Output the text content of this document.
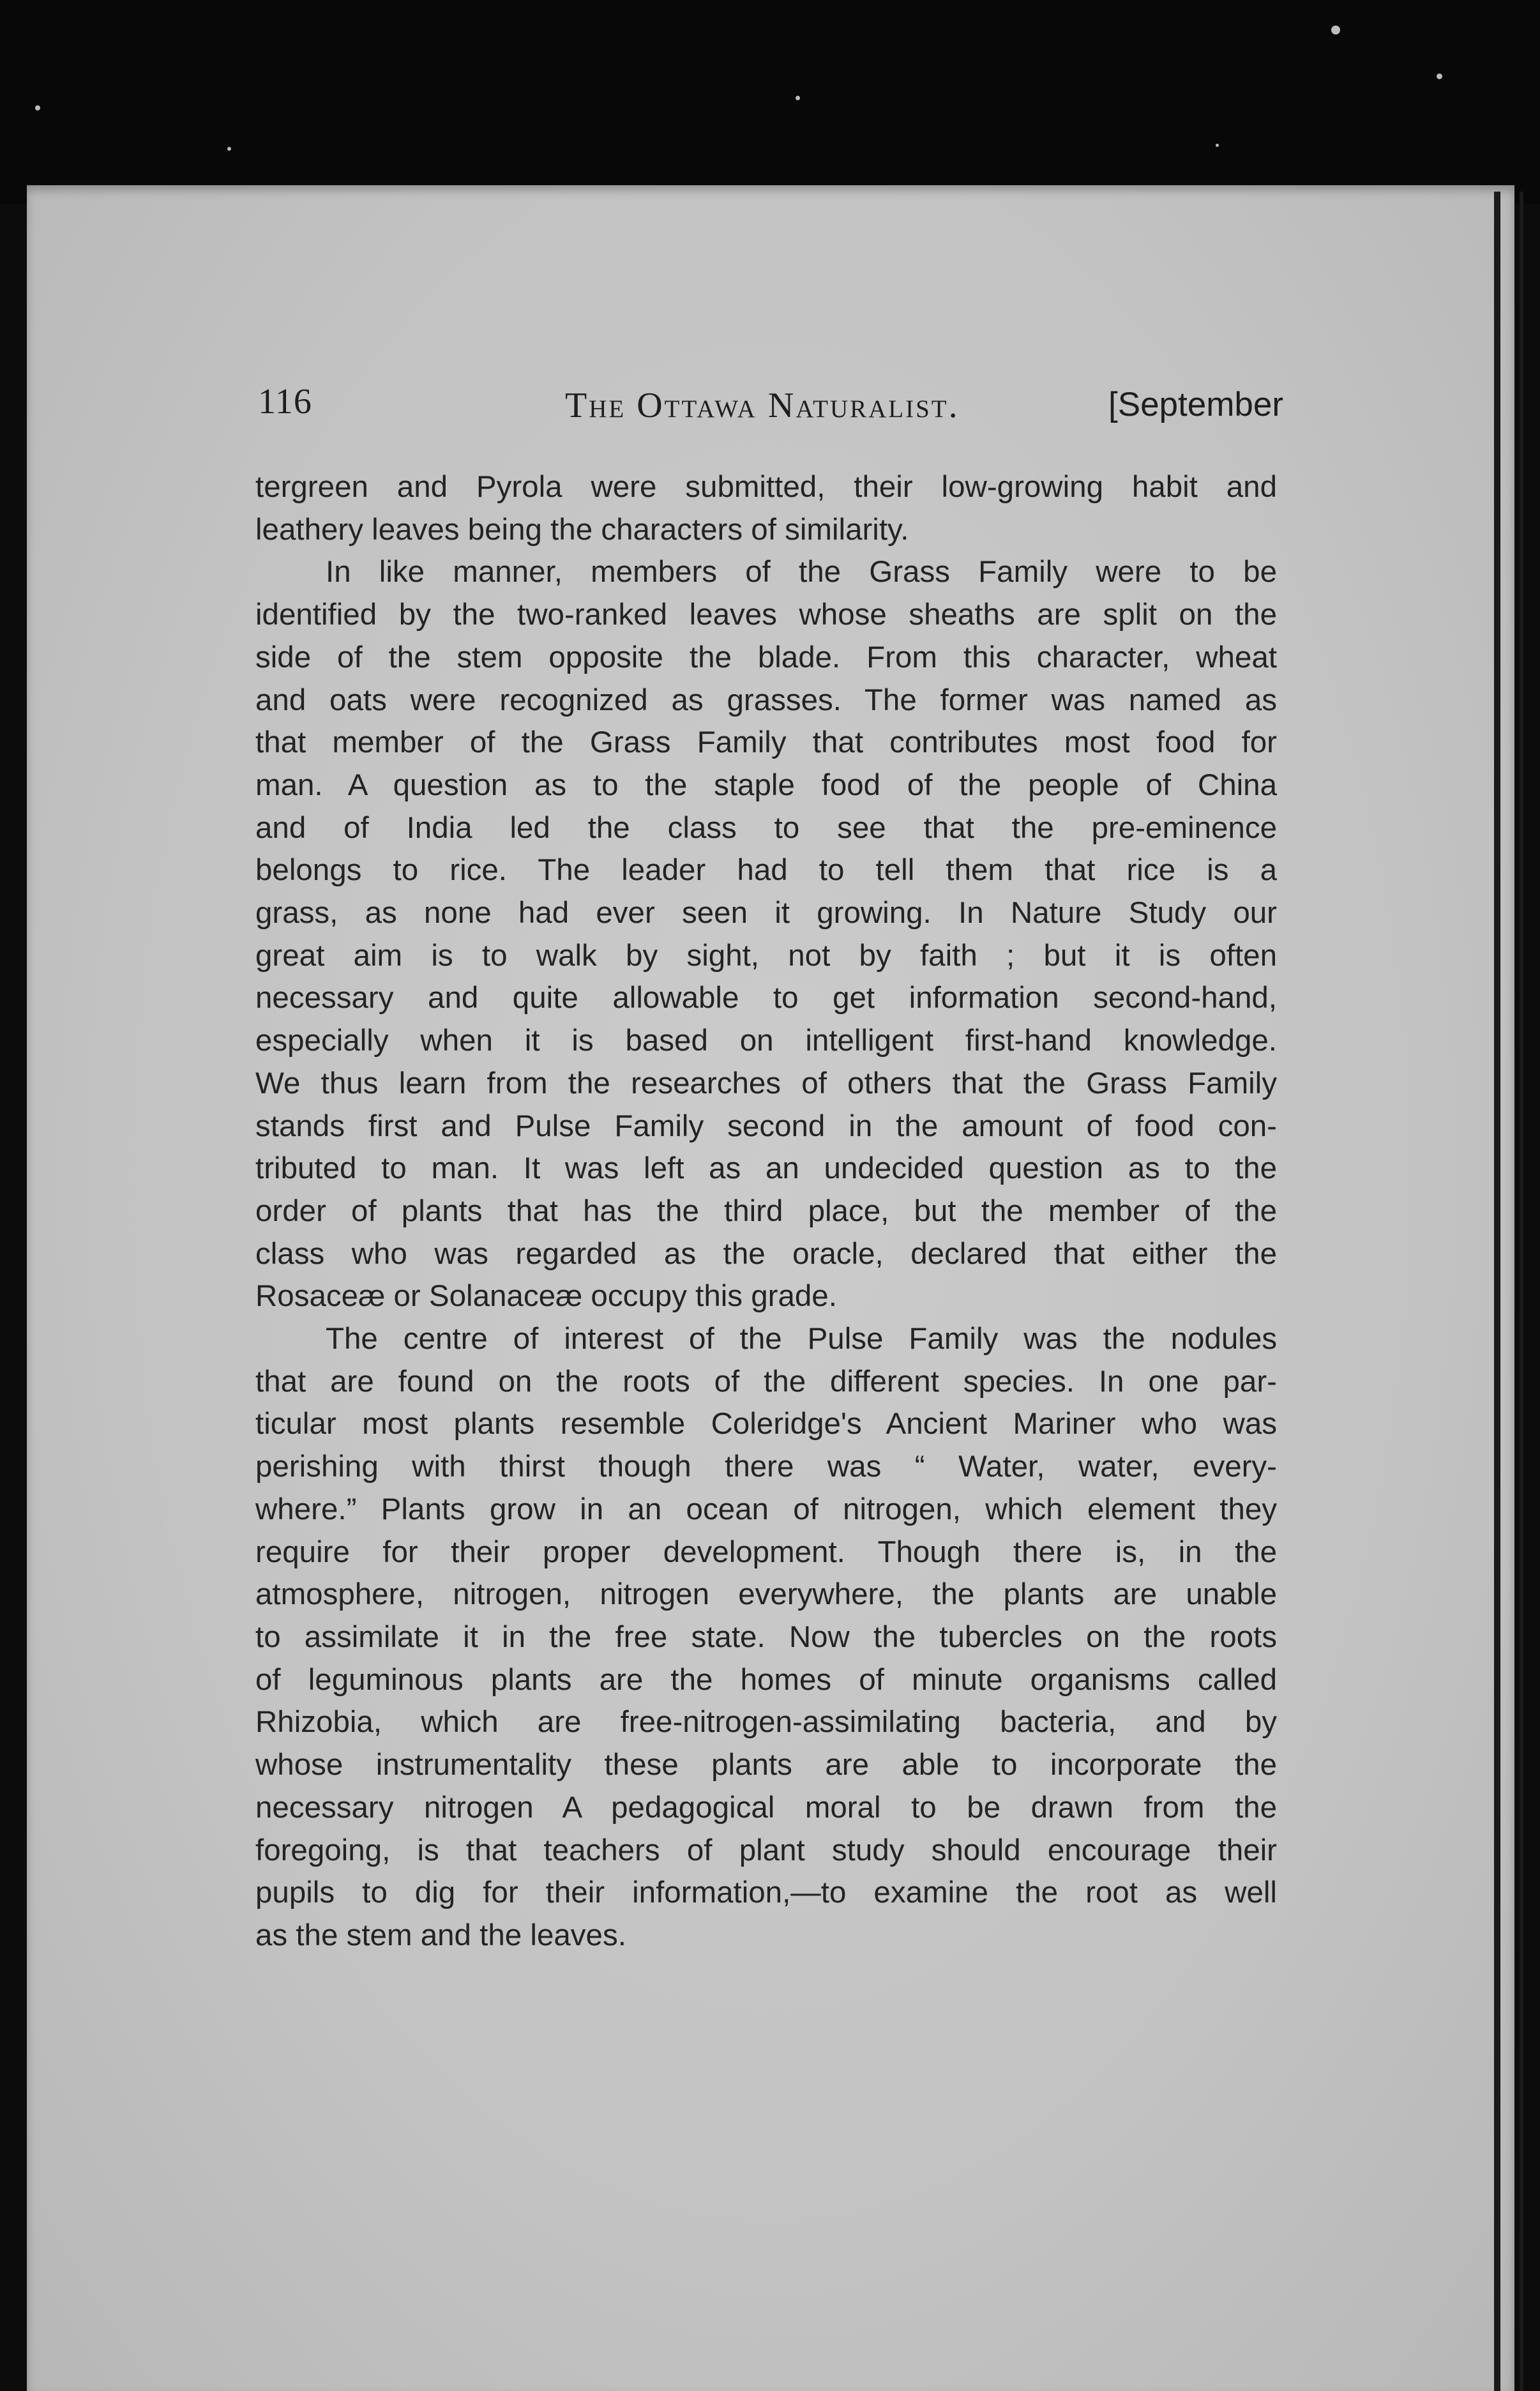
116	The Ottawa Naturalist.	[September
tergreen and Pyrola were submitted, their low-growing habit and
leathery leaves being the characters of similarity.
In like manner, members of the Grass Family were to be
identified by the two-ranked leaves whose sheaths are split on the
side of the stem opposite the blade. From this character, wheat
and oats were recognized as grasses. The former was named as
that member of the Grass Family that contributes most food for
man. A question as to the staple food of the people of China
and of India led the class to see that the pre-eminence
belongs to rice. The leader had to tell them that rice is a
grass, as none had ever seen it growing. In Nature Study our
great aim is to walk by sight, not by faith ; but it is often
necessary and quite allowable to get information second-hand,
especially when it is based on intelligent first-hand knowledge.
We thus learn from the researches of others that the Grass Family
stands first and Pulse Family second in the amount of food con-
tributed to man. It was left as an undecided question as to the
order of plants that has the third place, but the member of the
class who was regarded as the oracle, declared that either the
Rosaceæ or Solanaceæ occupy this grade.
The centre of interest of the Pulse Family was the nodules
that are found on the roots of the different species. In one par-
ticular most plants resemble Coleridge's Ancient Mariner who was
perishing with thirst though there was “ Water, water, every-
where.” Plants grow in an ocean of nitrogen, which element they
require for their proper development. Though there is, in the
atmosphere, nitrogen, nitrogen everywhere, the plants are unable
to assimilate it in the free state. Now the tubercles on the roots
of leguminous plants are the homes of minute organisms called
Rhizobia, which are free-nitrogen-assimilating bacteria, and by
whose instrumentality these plants are able to incorporate the
necessary nitrogen A pedagogical moral to be drawn from the
foregoing, is that teachers of plant study should encourage their
pupils to dig for their information,—to examine the root as well
as the stem and the leaves.
